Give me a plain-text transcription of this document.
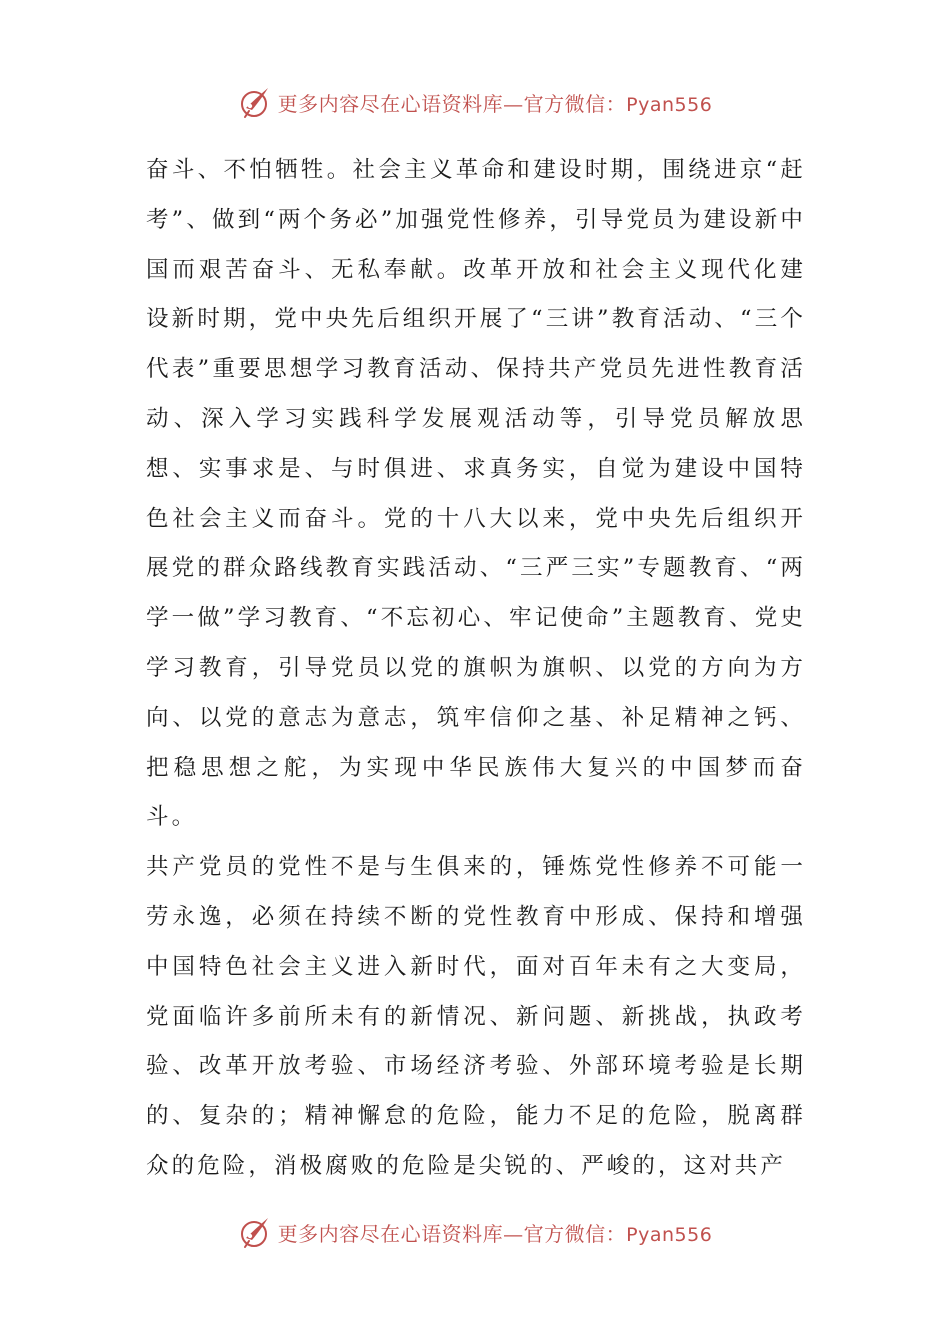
更多内容尽在心语资料库—官方微信：Pyan556

奋斗、不怕牺牲。社会主义革命和建设时期，围绕进京“赶考”、做到“两个务必”加强党性修养，引导党员为建设新中国而艰苦奋斗、无私奉献。改革开放和社会主义现代化建设新时期，党中央先后组织开展了“三讲”教育活动、“三个代表”重要思想学习教育活动、保持共产党员先进性教育活动、深入学习实践科学发展观活动等，引导党员解放思想、实事求是、与时俱进、求真务实，自觉为建设中国特色社会主义而奋斗。党的十八大以来，党中央先后组织开展党的群众路线教育实践活动、“三严三实”专题教育、“两学一做”学习教育、“不忘初心、牢记使命”主题教育、党史学习教育，引导党员以党的旗帜为旗帜、以党的方向为方向、以党的意志为意志，筑牢信仰之基、补足精神之钙、把稳思想之舵，为实现中华民族伟大复兴的中国梦而奋斗。

共产党员的党性不是与生俱来的，锤炼党性修养不可能一劳永逸，必须在持续不断的党性教育中形成、保持和增强中国特色社会主义进入新时代，面对百年未有之大变局，党面临许多前所未有的新情况、新问题、新挑战，执政考验、改革开放考验、市场经济考验、外部环境考验是长期的、复杂的；精神懈怠的危险，能力不足的危险，脱离群众的危险，消极腐败的危险是尖锐的、严峻的，这对共产

更多内容尽在心语资料库—官方微信：Pyan556
